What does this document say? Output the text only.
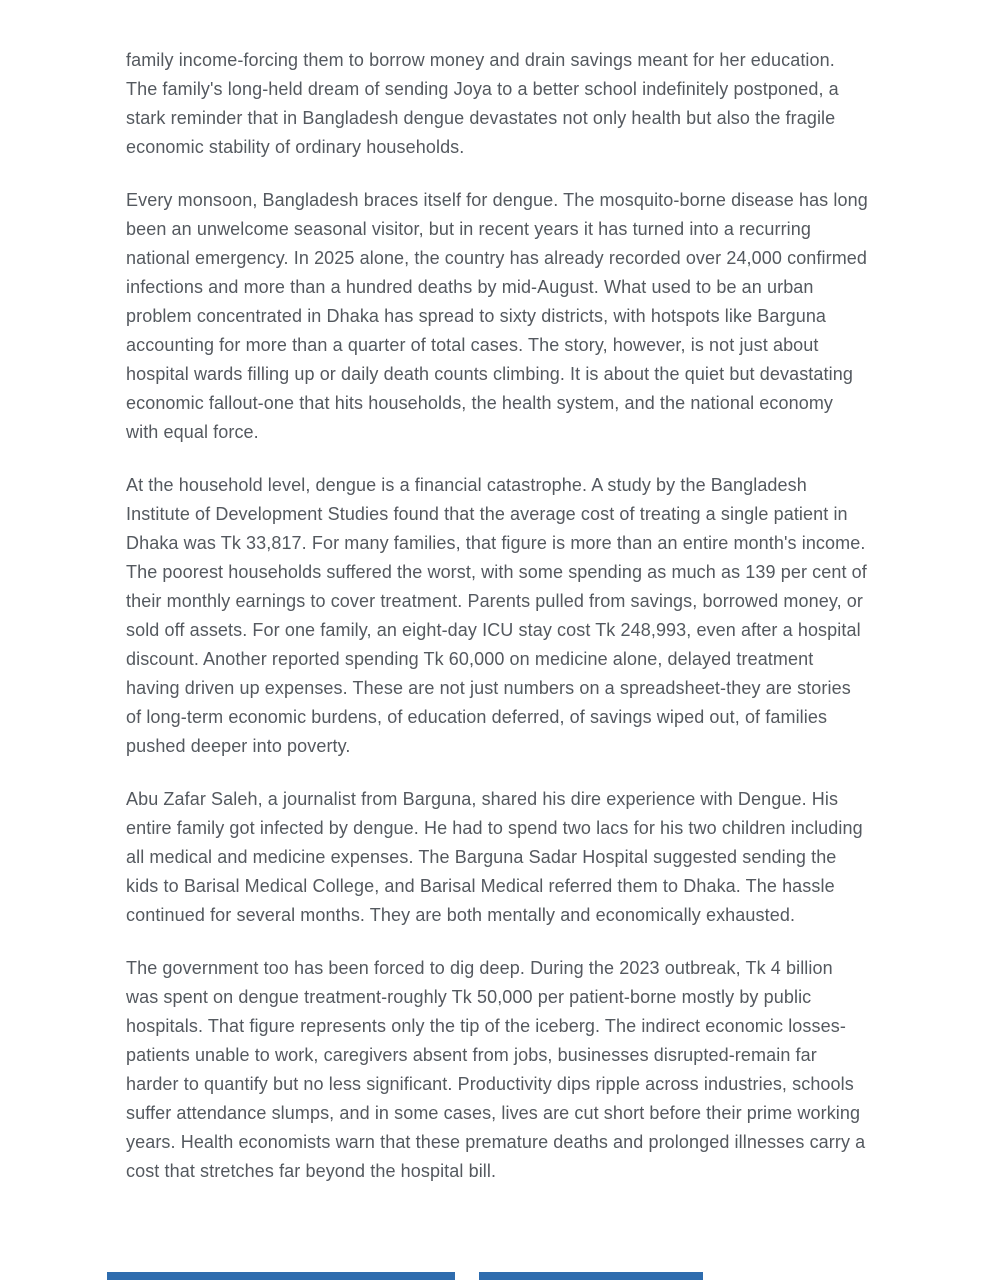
family income-forcing them to borrow money and drain savings meant for her education. The family's long-held dream of sending Joya to a better school indefinitely postponed, a stark reminder that in Bangladesh dengue devastates not only health but also the fragile economic stability of ordinary households.

Every monsoon, Bangladesh braces itself for dengue. The mosquito-borne disease has long been an unwelcome seasonal visitor, but in recent years it has turned into a recurring national emergency. In 2025 alone, the country has already recorded over 24,000 confirmed infections and more than a hundred deaths by mid-August. What used to be an urban problem concentrated in Dhaka has spread to sixty districts, with hotspots like Barguna accounting for more than a quarter of total cases. The story, however, is not just about hospital wards filling up or daily death counts climbing. It is about the quiet but devastating economic fallout-one that hits households, the health system, and the national economy with equal force.

At the household level, dengue is a financial catastrophe. A study by the Bangladesh Institute of Development Studies found that the average cost of treating a single patient in Dhaka was Tk 33,817. For many families, that figure is more than an entire month's income. The poorest households suffered the worst, with some spending as much as 139 per cent of their monthly earnings to cover treatment. Parents pulled from savings, borrowed money, or sold off assets. For one family, an eight-day ICU stay cost Tk 248,993, even after a hospital discount. Another reported spending Tk 60,000 on medicine alone, delayed treatment having driven up expenses. These are not just numbers on a spreadsheet-they are stories of long-term economic burdens, of education deferred, of savings wiped out, of families pushed deeper into poverty.

Abu Zafar Saleh, a journalist from Barguna, shared his dire experience with Dengue. His entire family got infected by dengue. He had to spend two lacs for his two children including all medical and medicine expenses. The Barguna Sadar Hospital suggested sending the kids to Barisal Medical College, and Barisal Medical referred them to Dhaka. The hassle continued for several months. They are both mentally and economically exhausted.

The government too has been forced to dig deep. During the 2023 outbreak, Tk 4 billion was spent on dengue treatment-roughly Tk 50,000 per patient-borne mostly by public hospitals. That figure represents only the tip of the iceberg. The indirect economic losses-patients unable to work, caregivers absent from jobs, businesses disrupted-remain far harder to quantify but no less significant. Productivity dips ripple across industries, schools suffer attendance slumps, and in some cases, lives are cut short before their prime working years. Health economists warn that these premature deaths and prolonged illnesses carry a cost that stretches far beyond the hospital bill.
